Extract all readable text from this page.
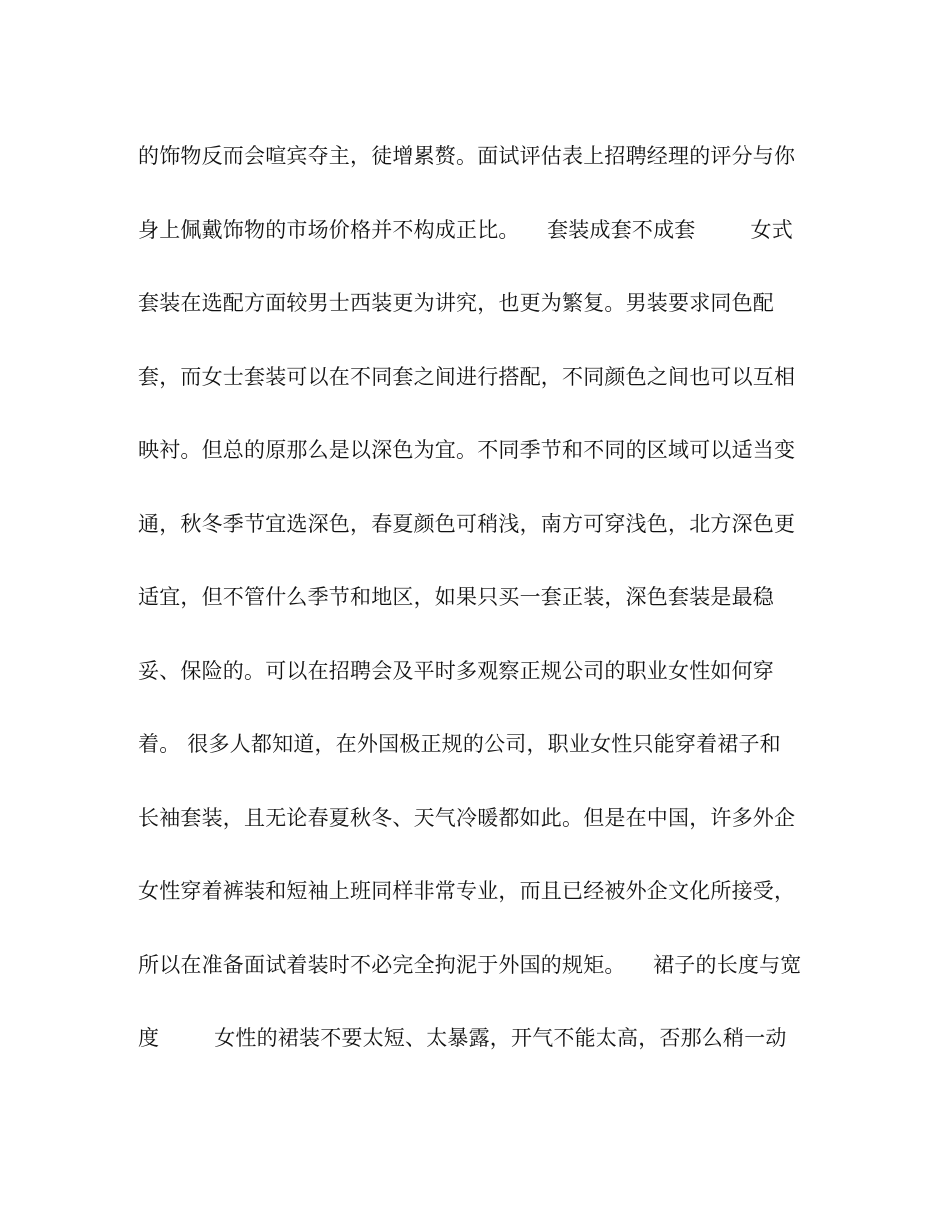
的饰物反而会喧宾夺主，徒增累赘。面试评估表上招聘经理的评分与你
身上佩戴饰物的市场价格并不构成正比。    套装成套不成套        女式
套装在选配方面较男士西装更为讲究，也更为繁复。男装要求同色配
套，而女士套装可以在不同套之间进行搭配，不同颜色之间也可以互相
映衬。但总的原那么是以深色为宜。不同季节和不同的区域可以适当变
通，秋冬季节宜选深色，春夏颜色可稍浅，南方可穿浅色，北方深色更
适宜，但不管什么季节和地区，如果只买一套正装，深色套装是最稳
妥、保险的。可以在招聘会及平时多观察正规公司的职业女性如何穿
着。 很多人都知道，在外国极正规的公司，职业女性只能穿着裙子和
长袖套装，且无论春夏秋冬、天气冷暖都如此。但是在中国，许多外企
女性穿着裤装和短袖上班同样非常专业，而且已经被外企文化所接受，
所以在准备面试着装时不必完全拘泥于外国的规矩。    裙子的长度与宽
度        女性的裙装不要太短、太暴露，开气不能太高，否那么稍一动
